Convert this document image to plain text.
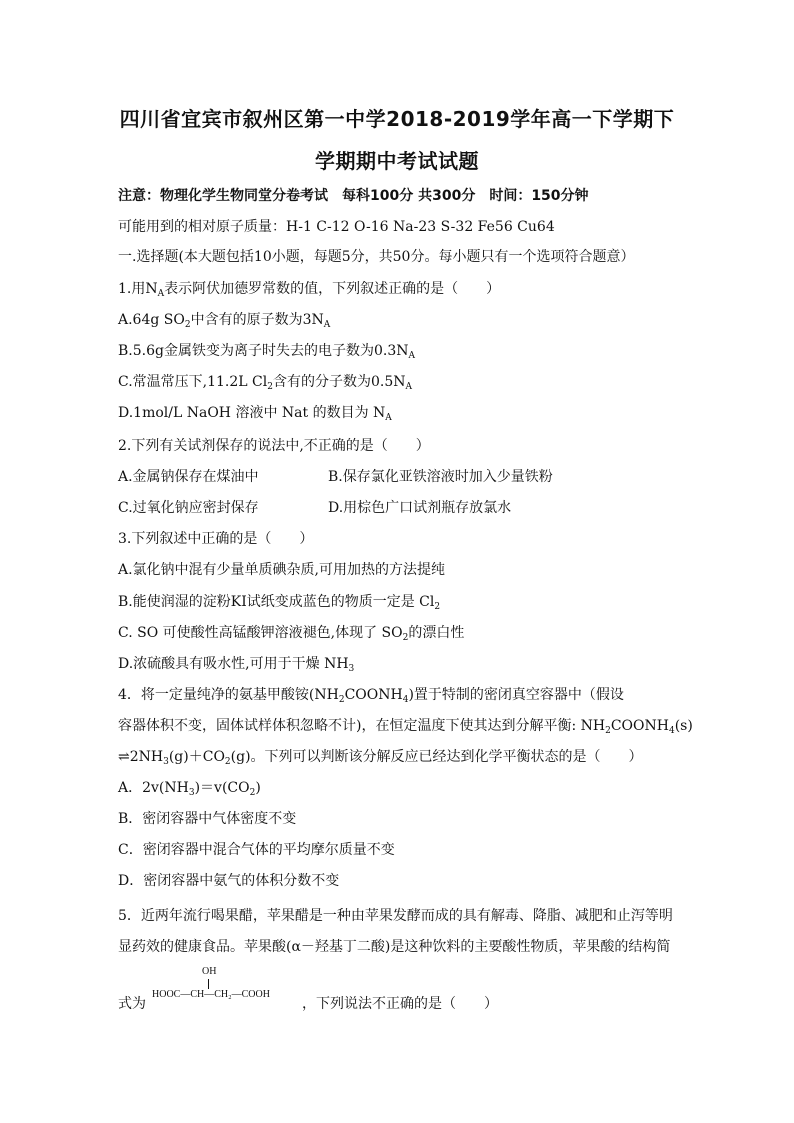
四川省宜宾市叙州区第一中学2018-2019学年高一下学期下
学期期中考试试题
注意：物理化学生物同堂分卷考试　每科100分 共300分　时间：150分钟
可能用到的相对原子质量：H-1 C-12 O-16 Na-23 S-32 Fe56 Cu64
一.选择题(本大题包括10小题，每题5分，共50分。每小题只有一个选项符合题意）
1.用$N_A$表示阿伏加德罗常数的值，下列叙述正确的是（　　）
A.64g $SO_2$中含有的原子数为$3N_A$
B.5.6g金属铁变为离子时失去的电子数为$0.3N_A$
C.常温常压下,11.2L $Cl_2$含有的分子数为$0.5N_A$
D.1mol/L NaOH 溶液中 Nat 的数目为 $N_A$
2.下列有关试剂保存的说法中,不正确的是（　　）
A.金属钠保存在煤油中	B.保存氯化亚铁溶液时加入少量铁粉
C.过氧化钠应密封保存	D.用棕色广口试剂瓶存放氯水
3.下列叙述中正确的是（　　）
A.氯化钠中混有少量单质碘杂质,可用加热的方法提纯
B.能使润湿的淀粉KI试纸变成蓝色的物质一定是 $Cl_2$
C. SO 可使酸性高锰酸钾溶液褪色,体现了 $SO_2$的漂白性
D.浓硫酸具有吸水性,可用于干燥 $NH_3$
4．将一定量纯净的氨基甲酸铵$(NH_2COONH_4)$置于特制的密闭真空容器中（假设
容器体积不变，固体试样体积忽略不计)，在恒定温度下使其达到分解平衡: $NH_2COONH_4(s)$
$\rightleftharpoons 2NH_3(g)+CO_2(g)$。下列可以判断该分解反应已经达到化学平衡状态的是（　　）
A．$2v(NH_3)=v(CO_2)$
B．密闭容器中气体密度不变
C．密闭容器中混合气体的平均摩尔质量不变
D．密闭容器中氨气的体积分数不变
5．近两年流行喝果醋，苹果醋是一种由苹果发酵而成的具有解毒、降脂、减肥和止泻等明
显药效的健康食品。苹果酸(α－羟基丁二酸)是这种饮料的主要酸性物质，苹果酸的结构简
式为
OH
HOOC—CH—CH₂—COOH
，下列说法不正确的是（　　）
